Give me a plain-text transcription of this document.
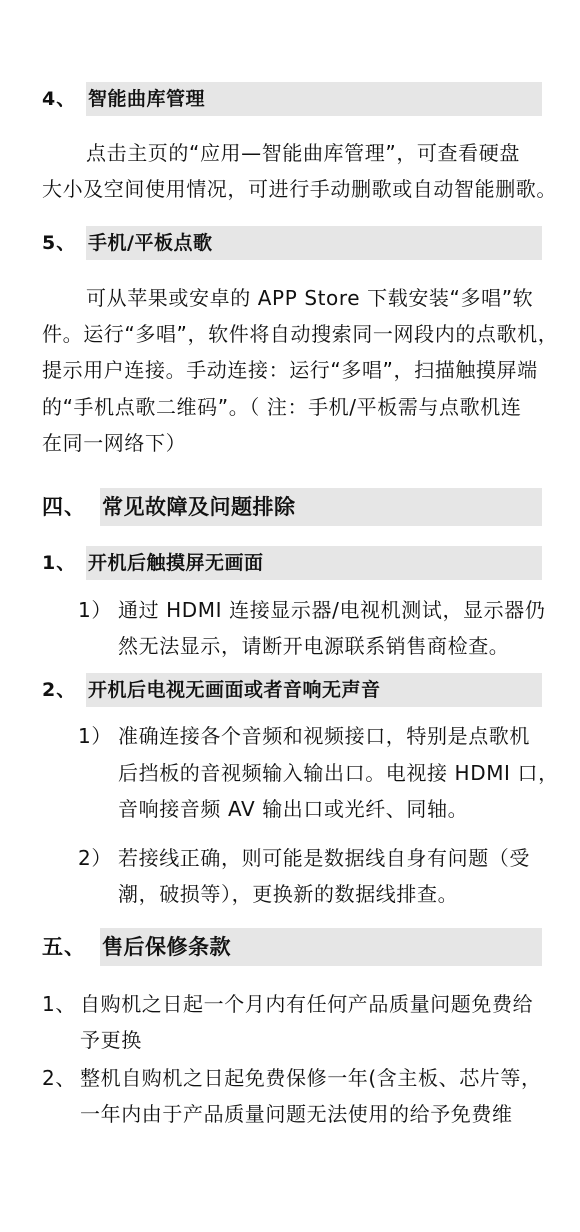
4、 智能曲库管理
点击主页的“应用—智能曲库管理”，可查看硬盘
大小及空间使用情况，可进行手动删歌或自动智能删歌。
5、 手机/平板点歌
可从苹果或安卓的 APP Store 下载安装“多唱”软
件。运行“多唱”，软件将自动搜索同一网段内的点歌机，
提示用户连接。手动连接：运行“多唱”，扫描触摸屏端
的“手机点歌二维码”。（ 注：手机/平板需与点歌机连
在同一网络下）
四、 常见故障及问题排除
1、 开机后触摸屏无画面
1） 通过 HDMI 连接显示器/电视机测试，显示器仍
然无法显示，请断开电源联系销售商检查。
2、 开机后电视无画面或者音响无声音
1） 准确连接各个音频和视频接口，特别是点歌机
后挡板的音视频输入输出口。电视接 HDMI 口，
音响接音频 AV 输出口或光纤、同轴。
2） 若接线正确，则可能是数据线自身有问题（受
潮，破损等），更换新的数据线排查。
五、 售后保修条款
1、 自购机之日起一个月内有任何产品质量问题免费给
予更换
2、 整机自购机之日起免费保修一年(含主板、芯片等，
一年内由于产品质量问题无法使用的给予免费维
